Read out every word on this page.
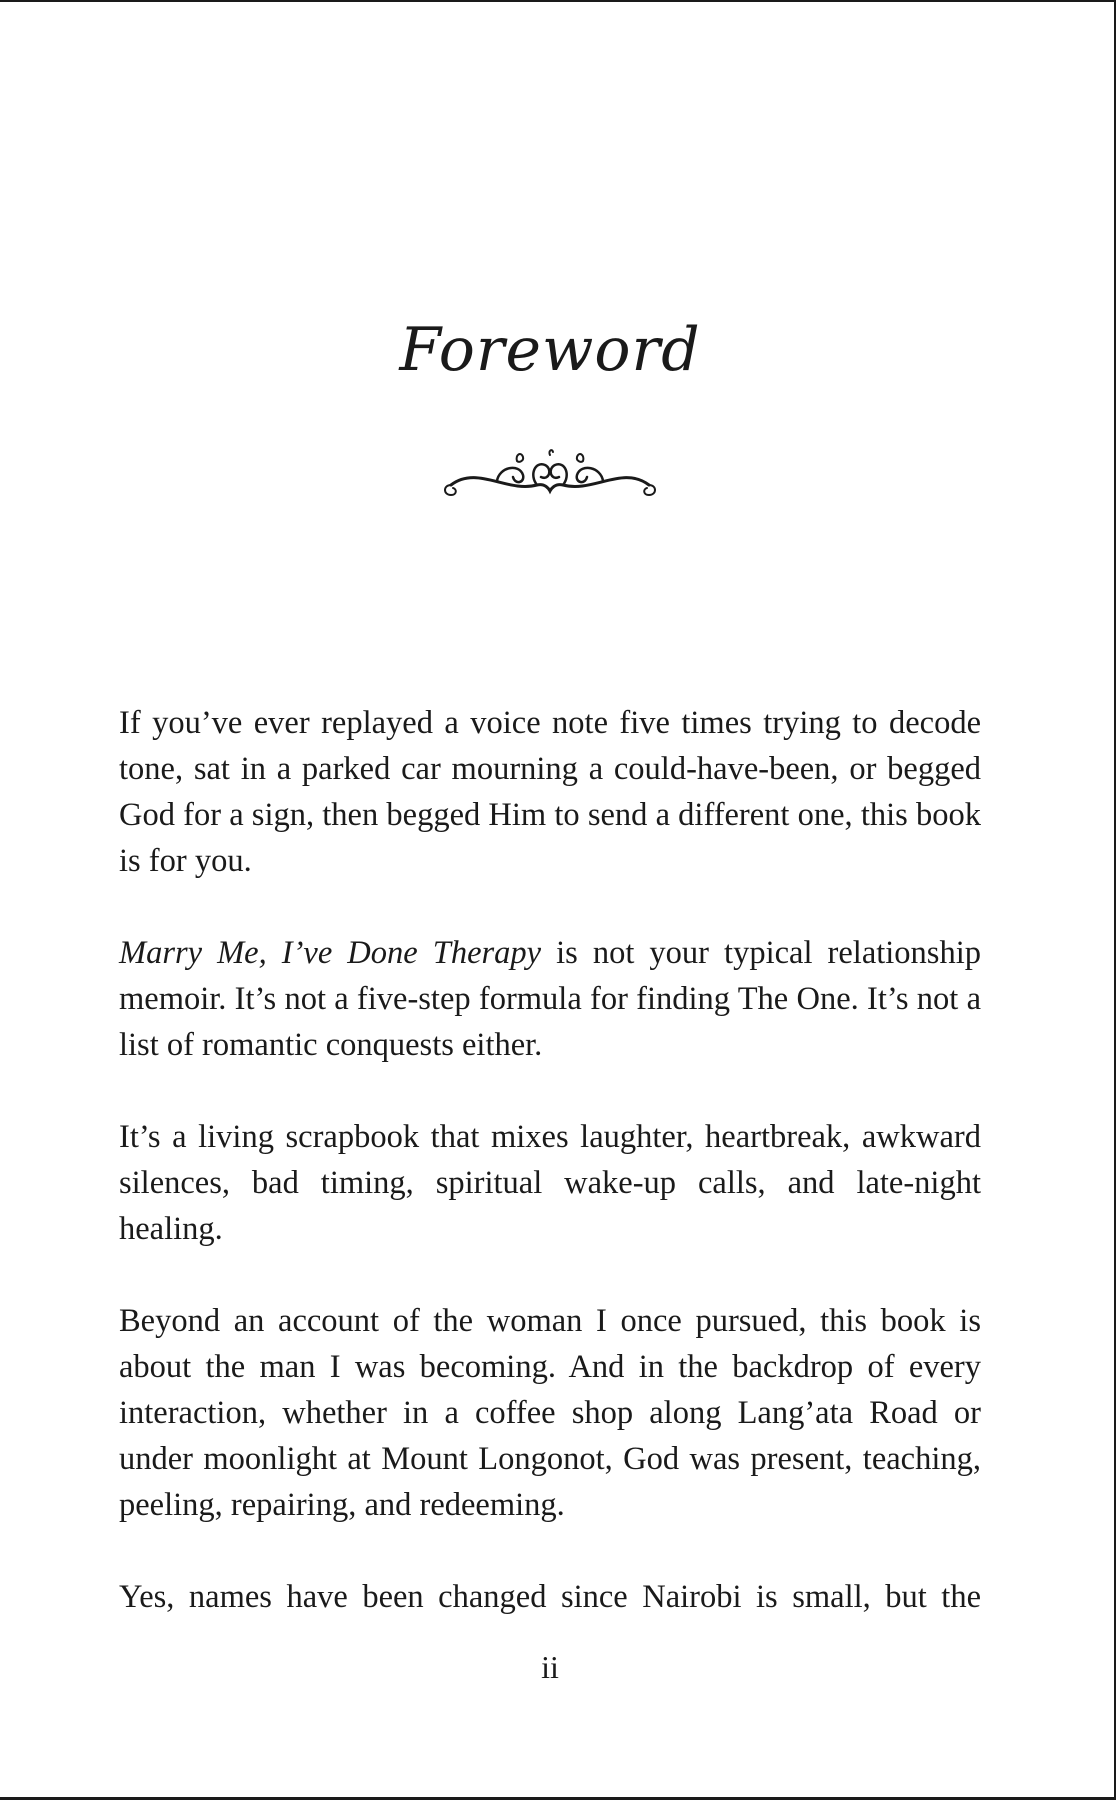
Foreword

If you’ve ever replayed a voice note five times trying to decode tone, sat in a parked car mourning a could-have-been, or begged God for a sign, then begged Him to send a different one, this book is for you.

Marry Me, I’ve Done Therapy is not your typical relationship memoir. It’s not a five-step formula for finding The One. It’s not a list of romantic conquests either.

It’s a living scrapbook that mixes laughter, heartbreak, awkward silences, bad timing, spiritual wake-up calls, and late-night healing.

Beyond an account of the woman I once pursued, this book is about the man I was becoming. And in the backdrop of every interaction, whether in a coffee shop along Lang’ata Road or under moonlight at Mount Longonot, God was present, teaching, peeling, repairing, and redeeming.

Yes, names have been changed since Nairobi is small, but the

ii
